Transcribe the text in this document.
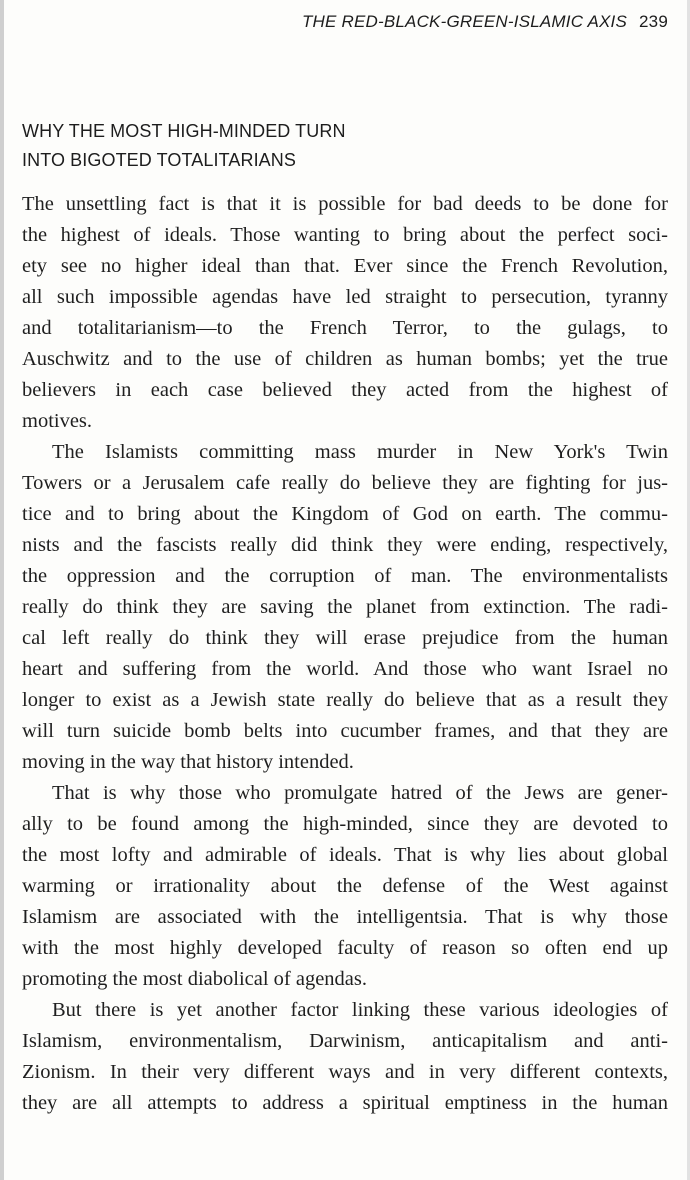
THE RED-BLACK-GREEN-ISLAMIC AXIS 239
WHY THE MOST HIGH-MINDED TURN
INTO BIGOTED TOTALITARIANS
The unsettling fact is that it is possible for bad deeds to be done for
the highest of ideals. Those wanting to bring about the perfect soci-
ety see no higher ideal than that. Ever since the French Revolution,
all such impossible agendas have led straight to persecution, tyranny
and totalitarianism—to the French Terror, to the gulags, to
Auschwitz and to the use of children as human bombs; yet the true
believers in each case believed they acted from the highest of
motives.
The Islamists committing mass murder in New York's Twin
Towers or a Jerusalem cafe really do believe they are fighting for jus-
tice and to bring about the Kingdom of God on earth. The commu-
nists and the fascists really did think they were ending, respectively,
the oppression and the corruption of man. The environmentalists
really do think they are saving the planet from extinction. The radi-
cal left really do think they will erase prejudice from the human
heart and suffering from the world. And those who want Israel no
longer to exist as a Jewish state really do believe that as a result they
will turn suicide bomb belts into cucumber frames, and that they are
moving in the way that history intended.
That is why those who promulgate hatred of the Jews are gener-
ally to be found among the high-minded, since they are devoted to
the most lofty and admirable of ideals. That is why lies about global
warming or irrationality about the defense of the West against
Islamism are associated with the intelligentsia. That is why those
with the most highly developed faculty of reason so often end up
promoting the most diabolical of agendas.
But there is yet another factor linking these various ideologies of
Islamism, environmentalism, Darwinism, anticapitalism and anti-
Zionism. In their very different ways and in very different contexts,
they are all attempts to address a spiritual emptiness in the human
